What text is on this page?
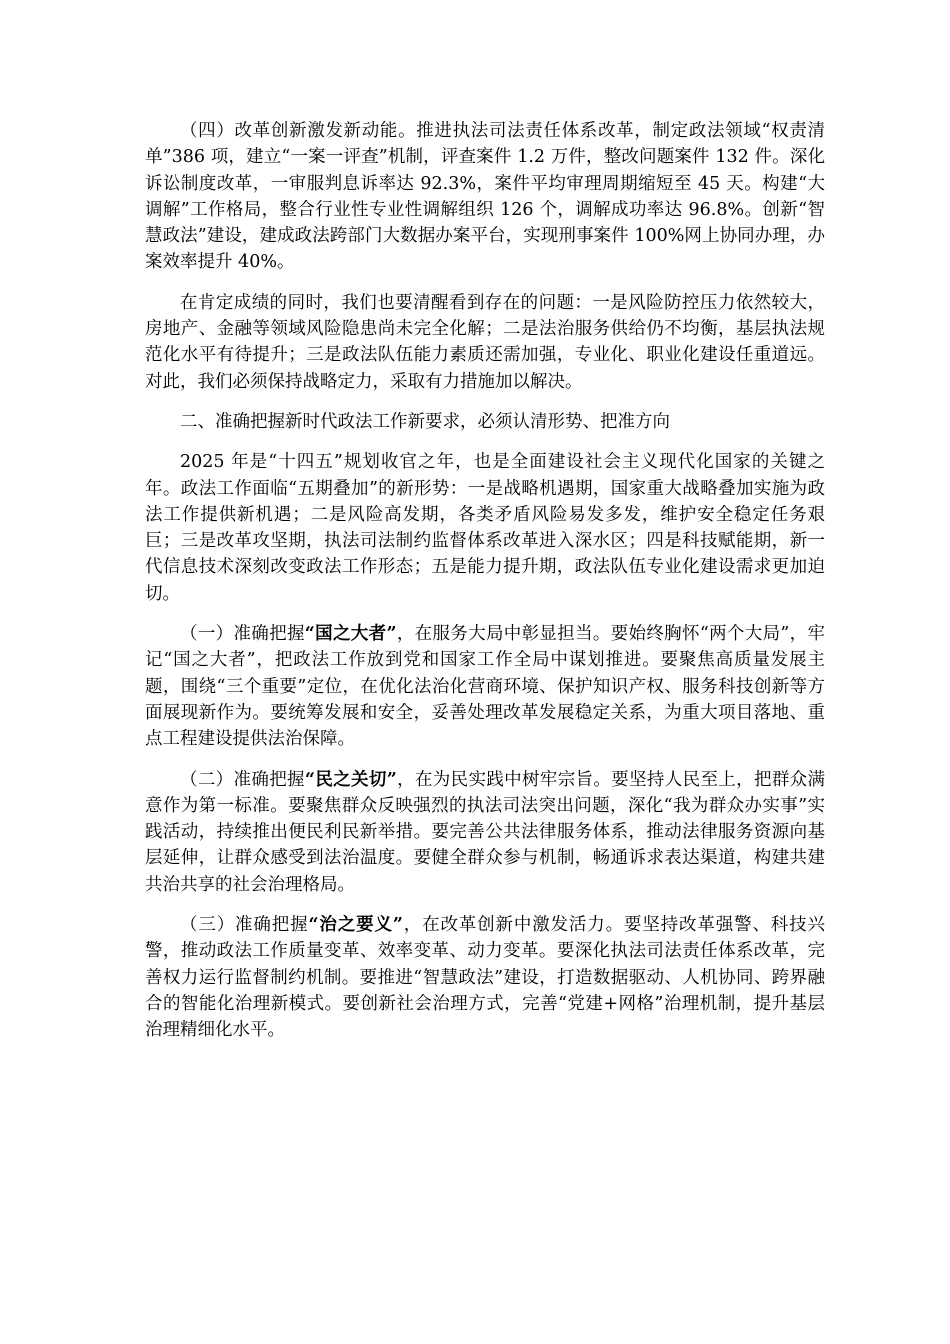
（四）改革创新激发新动能。推进执法司法责任体系改革，制定政法领域“权责清单”386 项，建立“一案一评查”机制，评查案件 1.2 万件，整改问题案件 132 件。深化诉讼制度改革，一审服判息诉率达 92.3%，案件平均审理周期缩短至 45 天。构建“大调解”工作格局，整合行业性专业性调解组织 126 个，调解成功率达 96.8%。创新“智慧政法”建设，建成政法跨部门大数据办案平台，实现刑事案件 100%网上协同办理，办案效率提升 40%。

在肯定成绩的同时，我们也要清醒看到存在的问题：一是风险防控压力依然较大，房地产、金融等领域风险隐患尚未完全化解；二是法治服务供给仍不均衡，基层执法规范化水平有待提升；三是政法队伍能力素质还需加强，专业化、职业化建设任重道远。对此，我们必须保持战略定力，采取有力措施加以解决。

二、准确把握新时代政法工作新要求，必须认清形势、把准方向

2025 年是“十四五”规划收官之年，也是全面建设社会主义现代化国家的关键之年。政法工作面临“五期叠加”的新形势：一是战略机遇期，国家重大战略叠加实施为政法工作提供新机遇；二是风险高发期，各类矛盾风险易发多发，维护安全稳定任务艰巨；三是改革攻坚期，执法司法制约监督体系改革进入深水区；四是科技赋能期，新一代信息技术深刻改变政法工作形态；五是能力提升期，政法队伍专业化建设需求更加迫切。

（一）准确把握“国之大者”，在服务大局中彰显担当。要始终胸怀“两个大局”，牢记“国之大者”，把政法工作放到党和国家工作全局中谋划推进。要聚焦高质量发展主题，围绕“三个重要”定位，在优化法治化营商环境、保护知识产权、服务科技创新等方面展现新作为。要统筹发展和安全，妥善处理改革发展稳定关系，为重大项目落地、重点工程建设提供法治保障。

（二）准确把握“民之关切”，在为民实践中树牢宗旨。要坚持人民至上，把群众满意作为第一标准。要聚焦群众反映强烈的执法司法突出问题，深化“我为群众办实事”实践活动，持续推出便民利民新举措。要完善公共法律服务体系，推动法律服务资源向基层延伸，让群众感受到法治温度。要健全群众参与机制，畅通诉求表达渠道，构建共建共治共享的社会治理格局。

（三）准确把握“治之要义”，在改革创新中激发活力。要坚持改革强警、科技兴警，推动政法工作质量变革、效率变革、动力变革。要深化执法司法责任体系改革，完善权力运行监督制约机制。要推进“智慧政法”建设，打造数据驱动、人机协同、跨界融合的智能化治理新模式。要创新社会治理方式，完善“党建+网格”治理机制，提升基层治理精细化水平。
